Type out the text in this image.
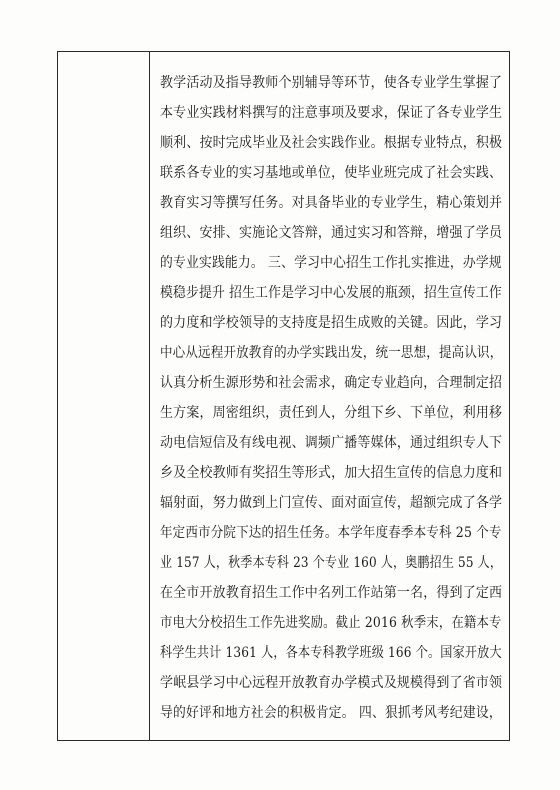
教学活动及指导教师个别辅导等环节，使各专业学生掌握了
本专业实践材料撰写的注意事项及要求，保证了各专业学生
顺利、按时完成毕业及社会实践作业。根据专业特点，积极
联系各专业的实习基地或单位，使毕业班完成了社会实践、
教育实习等撰写任务。对具备毕业的专业学生，精心策划并
组织、安排、实施论文答辩，通过实习和答辩，增强了学员
的专业实践能力。 三、学习中心招生工作扎实推进，办学规
模稳步提升 招生工作是学习中心发展的瓶颈，招生宣传工作
的力度和学校领导的支持度是招生成败的关键。因此，学习
中心从远程开放教育的办学实践出发，统一思想，提高认识，
认真分析生源形势和社会需求，确定专业趋向，合理制定招
生方案，周密组织，责任到人，分组下乡、下单位，利用移
动电信短信及有线电视、调频广播等媒体，通过组织专人下
乡及全校教师有奖招生等形式，加大招生宣传的信息力度和
辐射面，努力做到上门宣传、面对面宣传，超额完成了各学
年定西市分院下达的招生任务。本学年度春季本专科 25 个专
业 157 人，秋季本专科 23 个专业 160 人，奥鹏招生 55 人，
在全市开放教育招生工作中名列工作站第一名，得到了定西
市电大分校招生工作先进奖励。截止 2016 秋季末，在籍本专
科学生共计 1361 人，各本专科教学班级 166 个。国家开放大
学岷县学习中心远程开放教育办学模式及规模得到了省市领
导的好评和地方社会的积极肯定。 四、狠抓考风考纪建设，
